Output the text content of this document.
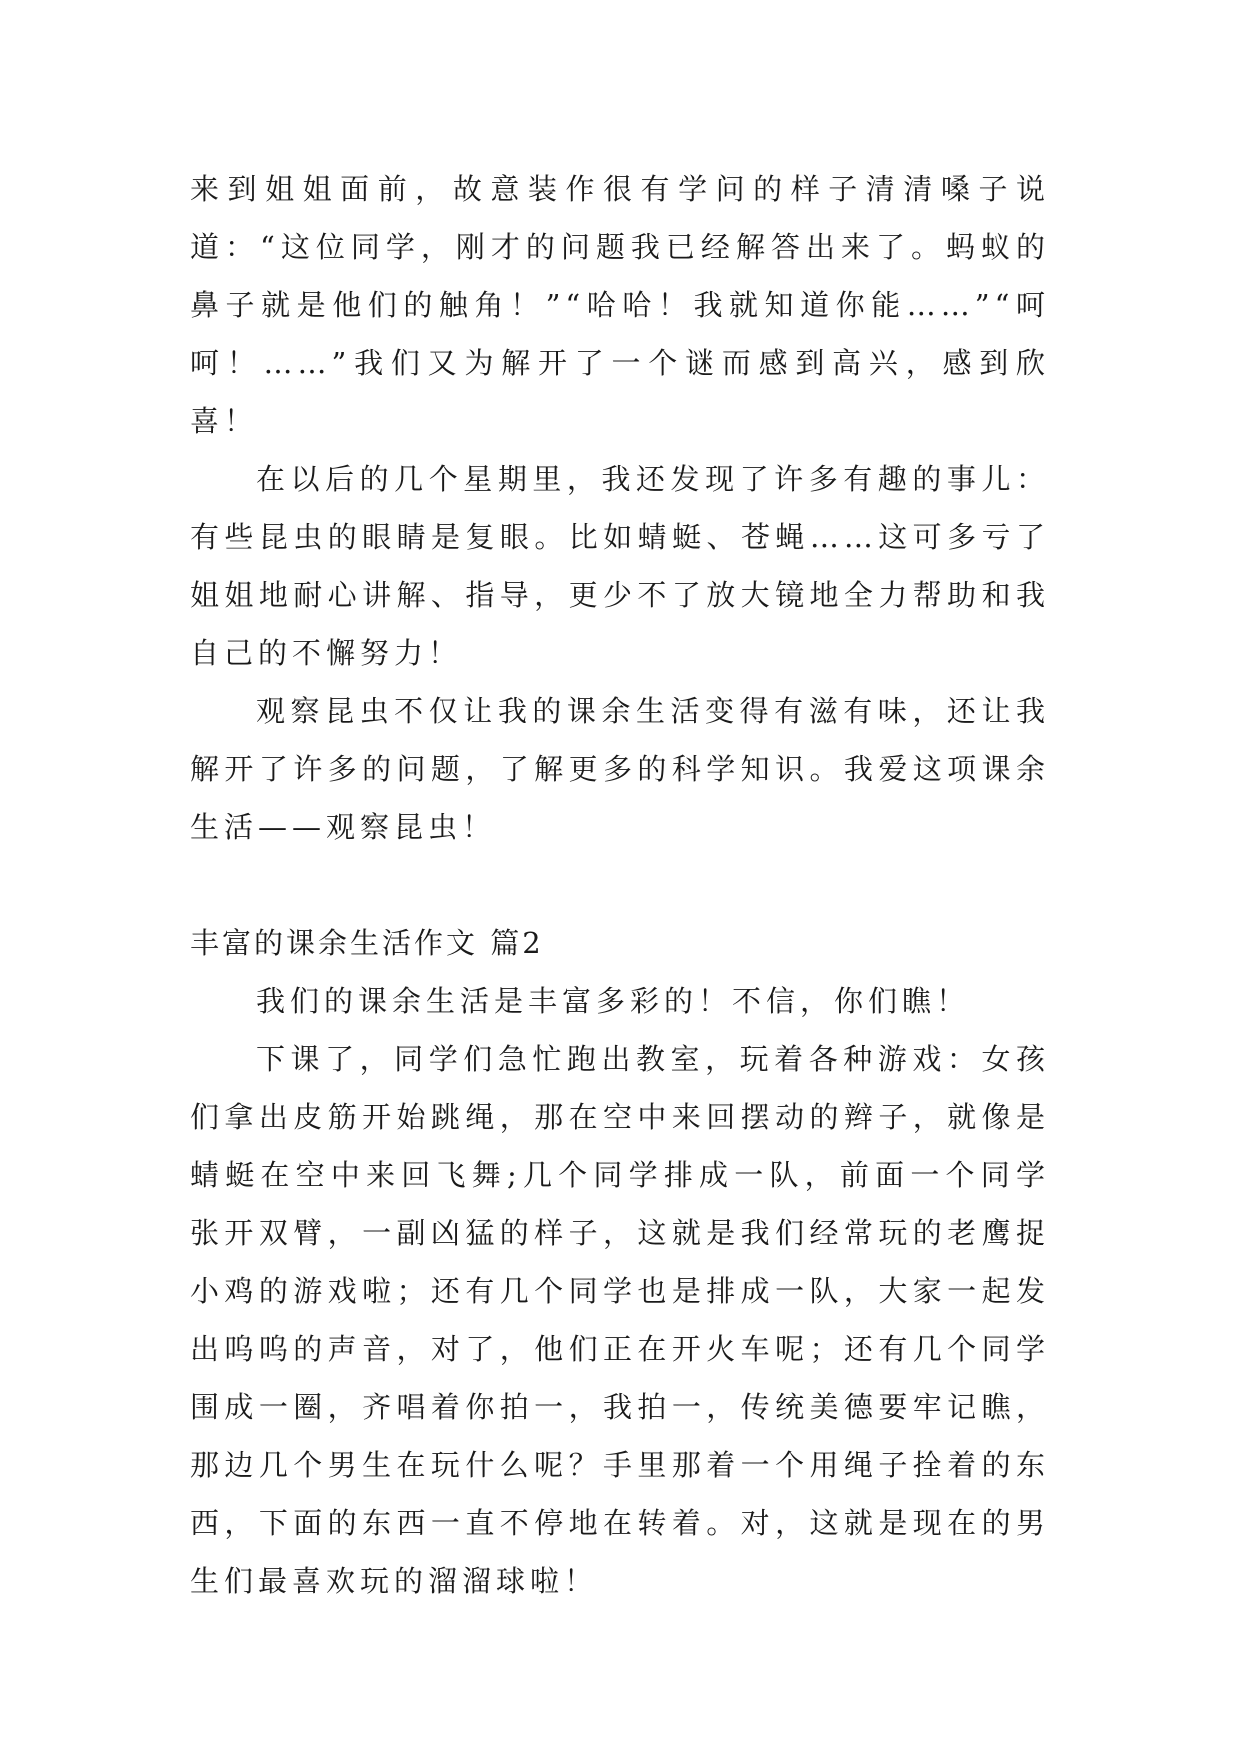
来到姐姐面前，故意装作很有学问的样子清清嗓子说道：“这位同学，刚才的问题我已经解答出来了。蚂蚁的鼻子就是他们的触角！”“哈哈！我就知道你能……”“呵呵！……”我们又为解开了一个谜而感到高兴，感到欣喜！

在以后的几个星期里，我还发现了许多有趣的事儿：有些昆虫的眼睛是复眼。比如蜻蜓、苍蝇……这可多亏了姐姐地耐心讲解、指导，更少不了放大镜地全力帮助和我自己的不懈努力！

观察昆虫不仅让我的课余生活变得有滋有味，还让我解开了许多的问题，了解更多的科学知识。我爱这项课余生活——观察昆虫！

丰富的课余生活作文 篇2

我们的课余生活是丰富多彩的！不信，你们瞧！

下课了，同学们急忙跑出教室，玩着各种游戏：女孩们拿出皮筋开始跳绳，那在空中来回摆动的辫子，就像是蜻蜓在空中来回飞舞;几个同学排成一队，前面一个同学张开双臂，一副凶猛的样子，这就是我们经常玩的老鹰捉小鸡的游戏啦；还有几个同学也是排成一队，大家一起发出呜呜的声音，对了，他们正在开火车呢；还有几个同学围成一圈，齐唱着你拍一，我拍一，传统美德要牢记瞧，那边几个男生在玩什么呢？手里那着一个用绳子拴着的东西，下面的东西一直不停地在转着。对，这就是现在的男生们最喜欢玩的溜溜球啦！
